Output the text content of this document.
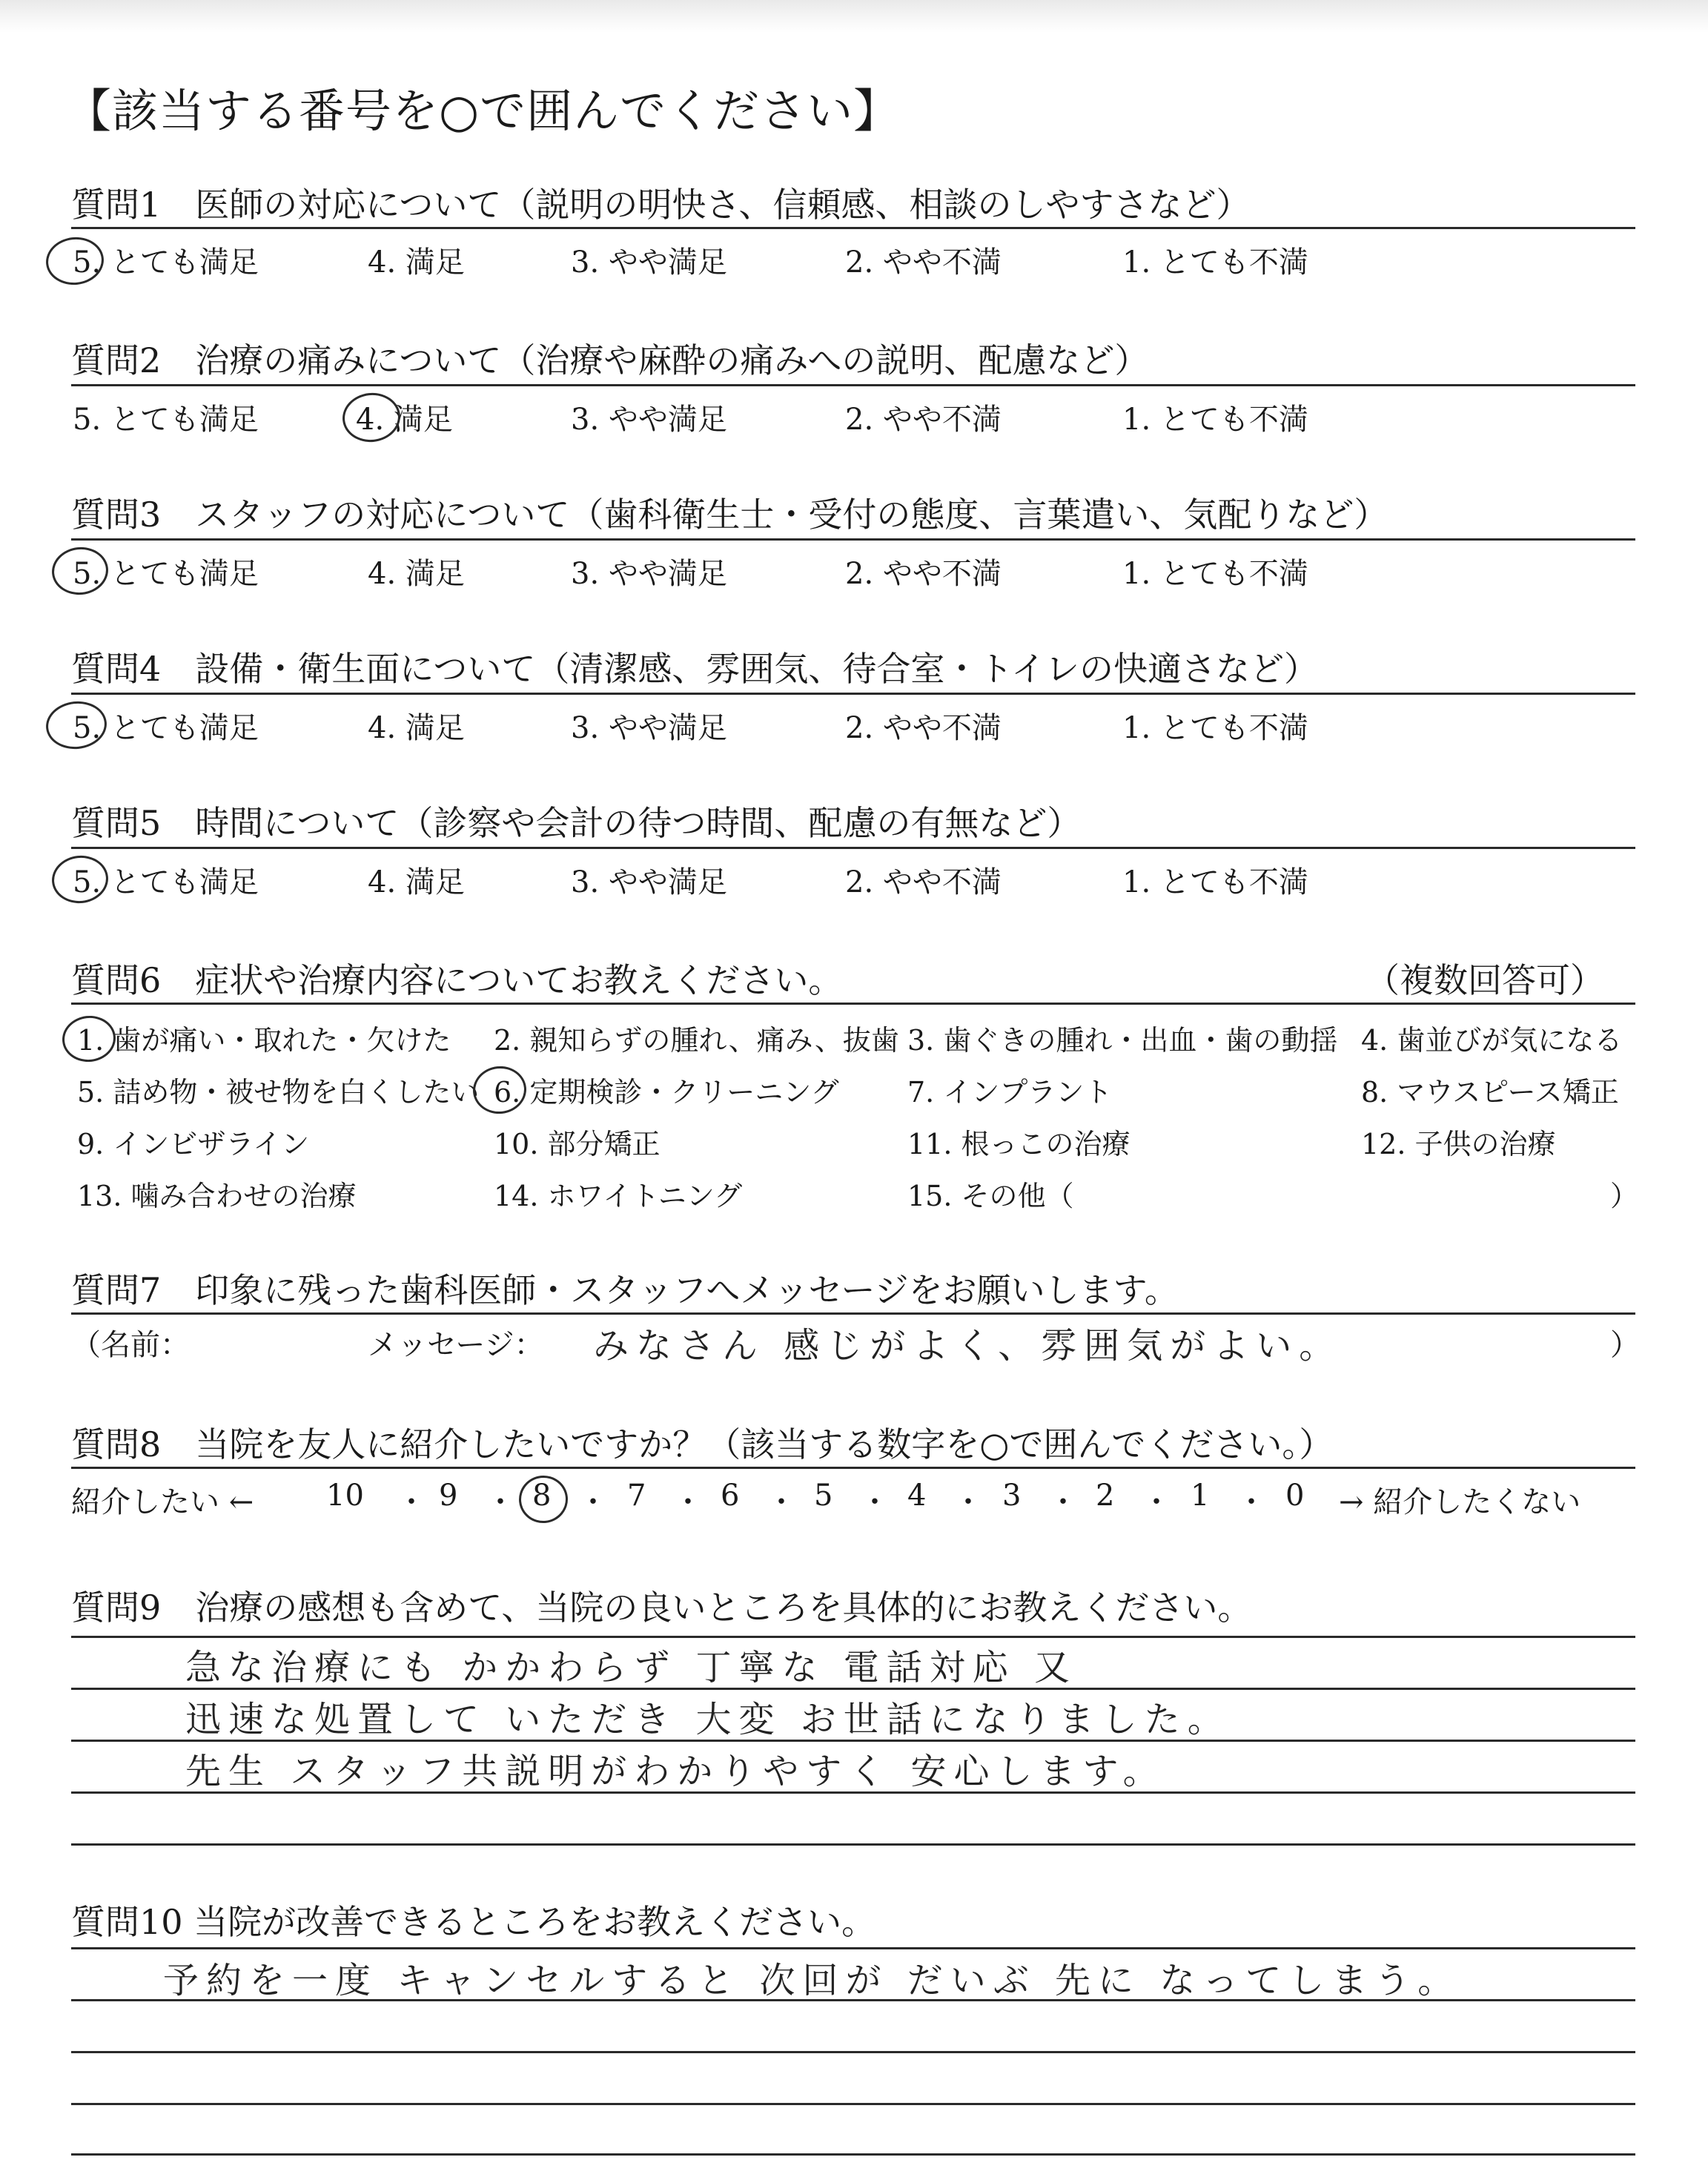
【該当する番号を○で囲んでください】
質問1　医師の対応について（説明の明快さ、信頼感、相談のしやすさなど）
5. とても満足	4. 満足	3. やや満足	2. やや不満	1. とても不満
質問2　治療の痛みについて（治療や麻酔の痛みへの説明、配慮など）
5. とても満足	4. 満足	3. やや満足	2. やや不満	1. とても不満
質問3　スタッフの対応について（歯科衛生士・受付の態度、言葉遣い、気配りなど）
5. とても満足	4. 満足	3. やや満足	2. やや不満	1. とても不満
質問4　設備・衛生面について（清潔感、雰囲気、待合室・トイレの快適さなど）
5. とても満足	4. 満足	3. やや満足	2. やや不満	1. とても不満
質問5　時間について（診察や会計の待つ時間、配慮の有無など）
5. とても満足	4. 満足	3. やや満足	2. やや不満	1. とても不満
質問6　症状や治療内容についてお教えください。	（複数回答可）
1. 歯が痛い・取れた・欠けた 2. 親知らずの腫れ、痛み、抜歯 3. 歯ぐきの腫れ・出血・歯の動揺 4. 歯並びが気になる
5. 詰め物・被せ物を白くしたい 6. 定期検診・クリーニング 7. インプラント	8. マウスピース矯正
9. インビザライン	10. 部分矯正	11. 根っこの治療	12. 子供の治療
13. 噛み合わせの治療	14. ホワイトニング	15. その他（	）
質問7　印象に残った歯科医師・スタッフへメッセージをお願いします。
（名前：	メッセージ： みなさん 感じがよく、雰囲気がよい。	）
質問8　当院を友人に紹介したいですか？（該当する数字を○で囲んでください。）
紹介したい ← 10 ・ 9 ・ 8 ・ 7 ・ 6 ・ 5 ・ 4 ・ 3 ・ 2 ・ 1 ・ 0 → 紹介したくない
質問9　治療の感想も含めて、当院の良いところを具体的にお教えください。
急な治療にも かかわらず 丁寧な 電話対応 又
迅速な処置して いただき 大変 お世話になりました。
先生 スタッフ共説明がわかりやすく 安心します。
質問10 当院が改善できるところをお教えください。
予約を一度 キャンセルすると 次回が だいぶ 先に なってしまう。
